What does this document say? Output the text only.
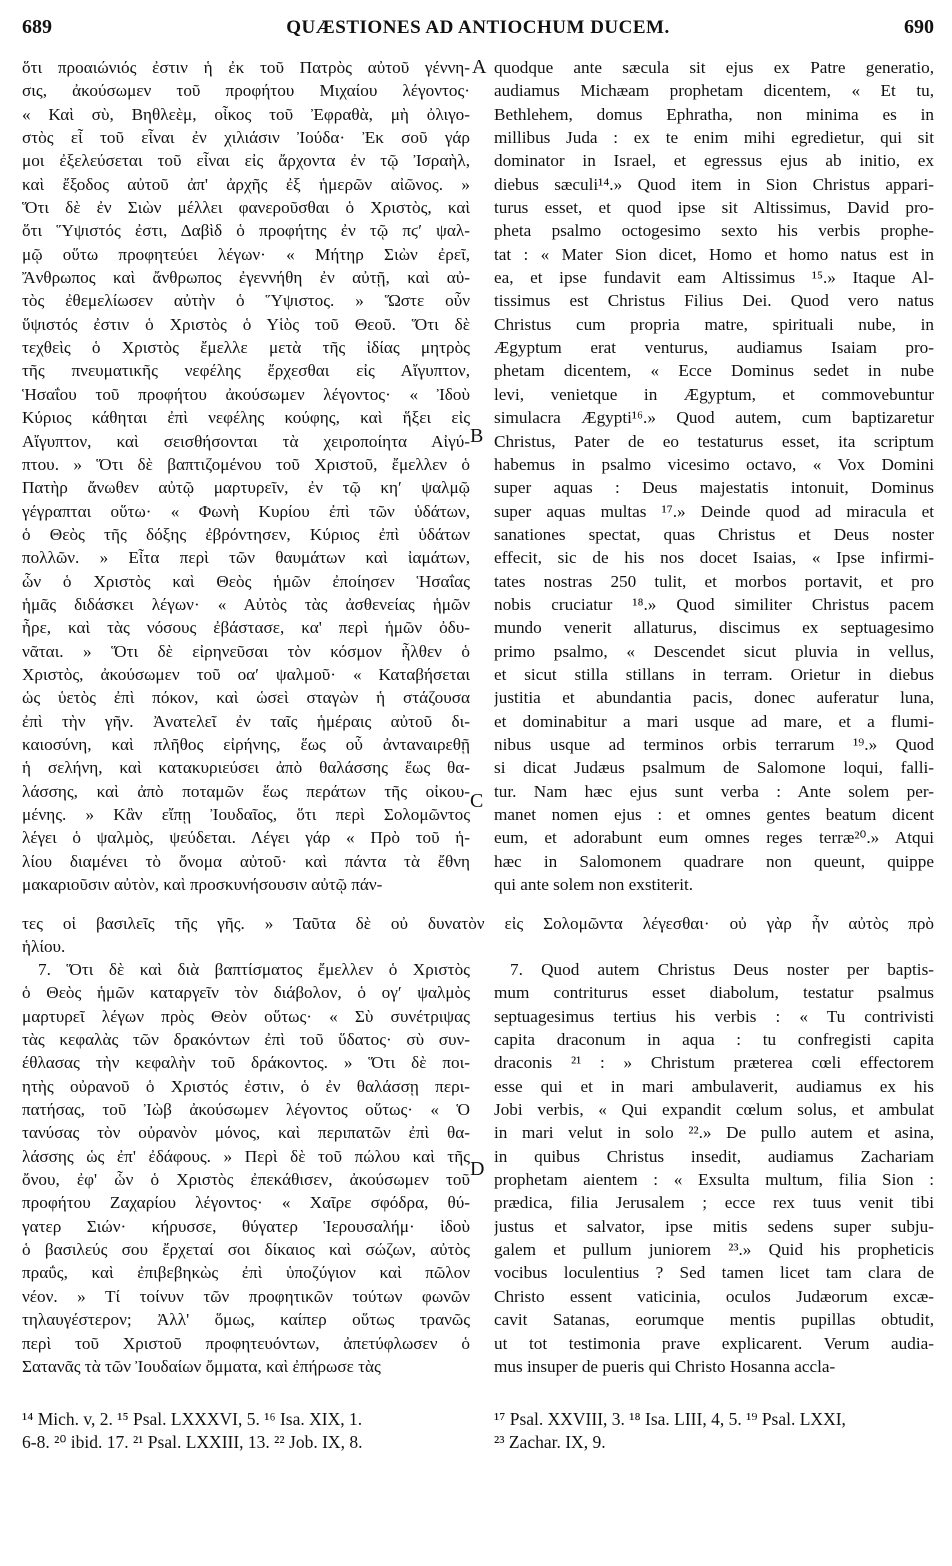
689	QUÆSTIONES AD ANTIOCHUM DUCEM.	690
A
B
C
D
ὅτι προαιώνιός ἐστιν ἡ ἐκ τοῦ Πατρὸς αὐτοῦ γέννη-
σις, ἀκούσωμεν τοῦ προφήτου Μιχαίου λέγοντος·
« Καὶ σὺ, Βηθλεὲμ, οἶκος τοῦ Ἐφραθὰ, μὴ ὀλιγο-
στὸς εἶ τοῦ εἶναι ἐν χιλιάσιν Ἰούδα· Ἐκ σοῦ γάρ
μοι ἐξελεύσεται τοῦ εἶναι εἰς ἄρχοντα ἐν τῷ Ἰσραὴλ,
καὶ ἔξοδος αὐτοῦ ἀπ' ἀρχῆς ἐξ ἡμερῶν αἰῶνος. »
Ὅτι δὲ ἐν Σιὼν μέλλει φανεροῦσθαι ὁ Χριστὸς, καὶ
ὅτι Ὕψιστός ἐστι, Δαβὶδ ὁ προφήτης ἐν τῷ πϛʹ ψαλ-
μῷ οὕτω προφητεύει λέγων· « Μήτηρ Σιὼν ἐρεῖ,
Ἄνθρωπος καὶ ἄνθρωπος ἐγεννήθη ἐν αὐτῇ, καὶ αὐ-
τὸς ἐθεμελίωσεν αὐτὴν ὁ Ὕψιστος. » Ὥστε οὖν
ὕψιστός ἐστιν ὁ Χριστὸς ὁ Υἱὸς τοῦ Θεοῦ. Ὅτι δὲ
τεχθεὶς ὁ Χριστὸς ἔμελλε μετὰ τῆς ἰδίας μητρὸς
τῆς πνευματικῆς νεφέλης ἔρχεσθαι εἰς Αἴγυπτον,
Ἡσαΐου τοῦ προφήτου ἀκούσωμεν λέγοντος· « Ἰδοὺ
Κύριος κάθηται ἐπὶ νεφέλης κούφης, καὶ ἥξει εἰς
Αἴγυπτον, καὶ σεισθήσονται τὰ χειροποίητα Αἰγύ-
πτου. » Ὅτι δὲ βαπτιζομένου τοῦ Χριστοῦ, ἔμελλεν ὁ
Πατὴρ ἄνωθεν αὐτῷ μαρτυρεῖν, ἐν τῷ κηʹ ψαλμῷ
γέγραπται οὕτω· « Φωνὴ Κυρίου ἐπὶ τῶν ὑδάτων,
ὁ Θεὸς τῆς δόξης ἐβρόντησεν, Κύριος ἐπὶ ὑδάτων
πολλῶν. » Εἶτα περὶ τῶν θαυμάτων καὶ ἰαμάτων,
ὧν ὁ Χριστὸς καὶ Θεὸς ἡμῶν ἐποίησεν Ἡσαΐας
ἡμᾶς διδάσκει λέγων· « Αὐτὸς τὰς ἀσθενείας ἡμῶν
ἦρε, καὶ τὰς νόσους ἐβάστασε, κα' περὶ ἡμῶν ὀδυ-
νᾶται. » Ὅτι δὲ εἰρηνεῦσαι τὸν κόσμον ἦλθεν ὁ
Χριστὸς, ἀκούσωμεν τοῦ οαʹ ψαλμοῦ· « Καταβήσεται
ὡς ὑετὸς ἐπὶ πόκον, καὶ ὡσεὶ σταγὼν ἡ στάζουσα
ἐπὶ τὴν γῆν. Ἀνατελεῖ ἐν ταῖς ἡμέραις αὐτοῦ δι-
καιοσύνη, καὶ πλῆθος εἰρήνης, ἕως οὗ ἀνταναιρεθῇ
ἡ σελήνη, καὶ κατακυριεύσει ἀπὸ θαλάσσης ἕως θα-
λάσσης, καὶ ἀπὸ ποταμῶν ἕως περάτων τῆς οἰκου-
μένης. » Κἂν εἴπῃ Ἰουδαῖος, ὅτι περὶ Σολομῶντος
λέγει ὁ ψαλμὸς, ψεύδεται. Λέγει γάρ « Πρὸ τοῦ ἡ-
λίου διαμένει τὸ ὄνομα αὐτοῦ· καὶ πάντα τὰ ἔθνη
μακαριοῦσιν αὐτὸν, καὶ προσκυνήσουσιν αὐτῷ πάν-
quodque ante sæcula sit ejus ex Patre generatio,
audiamus Michæam prophetam dicentem, « Et tu,
Bethlehem, domus Ephratha, non minima es in
millibus Juda : ex te enim mihi egredietur, qui sit
dominator in Israel, et egressus ejus ab initio, ex
diebus sæculi¹⁴.» Quod item in Sion Christus appari-
turus esset, et quod ipse sit Altissimus, David pro-
pheta psalmo octogesimo sexto his verbis prophe-
tat : « Mater Sion dicet, Homo et homo natus est in
ea, et ipse fundavit eam Altissimus ¹⁵.» Itaque Al-
tissimus est Christus Filius Dei. Quod vero natus
Christus cum propria matre, spirituali nube, in
Ægyptum erat venturus, audiamus Isaiam pro-
phetam dicentem, « Ecce Dominus sedet in nube
levi, venietque in Ægyptum, et commovebuntur
simulacra Ægypti¹⁶.» Quod autem, cum baptizaretur
Christus, Pater de eo testaturus esset, ita scriptum
habemus in psalmo vicesimo octavo, « Vox Domini
super aquas : Deus majestatis intonuit, Dominus
super aquas multas ¹⁷.» Deinde quod ad miracula et
sanationes spectat, quas Christus et Deus noster
effecit, sic de his nos docet Isaias, « Ipse infirmi-
tates nostras 250 tulit, et morbos portavit, et pro
nobis cruciatur ¹⁸.» Quod similiter Christus pacem
mundo venerit allaturus, discimus ex septuagesimo
primo psalmo, « Descendet sicut pluvia in vellus,
et sicut stilla stillans in terram. Orietur in diebus
justitia et abundantia pacis, donec auferatur luna,
et dominabitur a mari usque ad mare, et a flumi-
nibus usque ad terminos orbis terrarum ¹⁹.» Quod
si dicat Judæus psalmum de Salomone loqui, falli-
tur. Nam hæc ejus sunt verba : Ante solem per-
manet nomen ejus : et omnes gentes beatum dicent
eum, et adorabunt eum omnes reges terræ²⁰.» Atqui
hæc in Salomonem quadrare non queunt, quippe
qui ante solem non exstiterit.
τες οἱ βασιλεῖς τῆς γῆς. » Ταῦτα δὲ οὐ δυνατὸν εἰς Σολομῶντα λέγεσθαι· οὐ γὰρ ἦν αὐτὸς πρὸ
ἡλίου.
7. Ὅτι δὲ καὶ διὰ βαπτίσματος ἔμελλεν ὁ Χριστὸς
ὁ Θεὸς ἡμῶν καταργεῖν τὸν διάβολον, ὁ ογʹ ψαλμὸς
μαρτυρεῖ λέγων πρὸς Θεὸν οὕτως· « Σὺ συνέτριψας
τὰς κεφαλὰς τῶν δρακόντων ἐπὶ τοῦ ὕδατος· σὺ συν-
έθλασας τὴν κεφαλὴν τοῦ δράκοντος. » Ὅτι δὲ ποι-
ητὴς οὐρανοῦ ὁ Χριστός ἐστιν, ὁ ἐν θαλάσσῃ περι-
πατήσας, τοῦ Ἰὼβ ἀκούσωμεν λέγοντος οὕτως· « Ὁ
τανύσας τὸν οὐρανὸν μόνος, καὶ περιπατῶν ἐπὶ θα-
λάσσης ὡς ἐπ' ἐδάφους. » Περὶ δὲ τοῦ πώλου καὶ τῆς
ὄνου, ἐφ' ὧν ὁ Χριστὸς ἐπεκάθισεν, ἀκούσωμεν τοῦ
προφήτου Ζαχαρίου λέγοντος· « Χαῖρε σφόδρα, θύ-
γατερ Σιών· κήρυσσε, θύγατερ Ἱερουσαλήμ· ἰδοὺ
ὁ βασιλεύς σου ἔρχεταί σοι δίκαιος καὶ σώζων, αὐτὸς
πραΰς, καὶ ἐπιβεβηκὼς ἐπὶ ὑποζύγιον καὶ πῶλον
νέον. » Τί τοίνυν τῶν προφητικῶν τούτων φωνῶν
τηλαυγέστερον; Ἀλλ' ὅμως, καίπερ οὕτως τρανῶς
περὶ τοῦ Χριστοῦ προφητευόντων, ἀπετύφλωσεν ὁ
Σατανᾶς τὰ τῶν Ἰουδαίων ὄμματα, καὶ ἐπήρωσε τὰς
7. Quod autem Christus Deus noster per baptis-
mum contriturus esset diabolum, testatur psalmus
septuagesimus tertius his verbis : « Tu contrivisti
capita draconum in aqua : tu confregisti capita
draconis ²¹ : » Christum præterea cœli effectorem
esse qui et in mari ambulaverit, audiamus ex his
Jobi verbis, « Qui expandit cœlum solus, et ambulat
in mari velut in solo ²².» De pullo autem et asina,
in quibus Christus insedit, audiamus Zachariam
prophetam aientem : « Exsulta multum, filia Sion :
prædica, filia Jerusalem ; ecce rex tuus venit tibi
justus et salvator, ipse mitis sedens super subju-
galem et pullum juniorem ²³.» Quid his propheticis
vocibus loculentius ? Sed tamen licet tam clara de
Christo essent vaticinia, oculos Judæorum excæ-
cavit Satanas, eorumque mentis pupillas obtudit,
ut tot testimonia prave explicarent. Verum audia-
mus insuper de pueris qui Christo Hosanna accla-
¹⁴ Mich. v, 2. ¹⁵ Psal. LXXXVI, 5. ¹⁶ Isa. XIX, 1.
6-8. ²⁰ ibid. 17. ²¹ Psal. LXXIII, 13. ²² Job. IX, 8.
¹⁷ Psal. XXVIII, 3. ¹⁸ Isa. LIII, 4, 5. ¹⁹ Psal. LXXI,
²³ Zachar. IX, 9.
